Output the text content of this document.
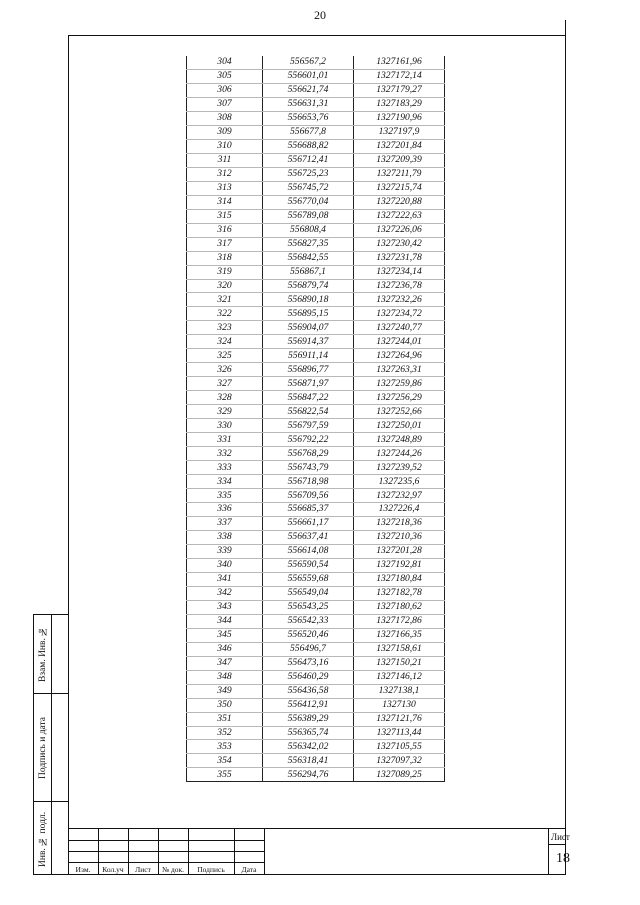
20
304	556567,2	1327161,96
305	556601,01	1327172,14
306	556621,74	1327179,27
307	556631,31	1327183,29
308	556653,76	1327190,96
309	556677,8	1327197,9
310	556688,82	1327201,84
311	556712,41	1327209,39
312	556725,23	1327211,79
313	556745,72	1327215,74
314	556770,04	1327220,88
315	556789,08	1327222,63
316	556808,4	1327226,06
317	556827,35	1327230,42
318	556842,55	1327231,78
319	556867,1	1327234,14
320	556879,74	1327236,78
321	556890,18	1327232,26
322	556895,15	1327234,72
323	556904,07	1327240,77
324	556914,37	1327244,01
325	556911,14	1327264,96
326	556896,77	1327263,31
327	556871,97	1327259,86
328	556847,22	1327256,29
329	556822,54	1327252,66
330	556797,59	1327250,01
331	556792,22	1327248,89
332	556768,29	1327244,26
333	556743,79	1327239,52
334	556718,98	1327235,6
335	556709,56	1327232,97
336	556685,37	1327226,4
337	556661,17	1327218,36
338	556637,41	1327210,36
339	556614,08	1327201,28
340	556590,54	1327192,81
341	556559,68	1327180,84
342	556549,04	1327182,78
343	556543,25	1327180,62
344	556542,33	1327172,86
345	556520,46	1327166,35
346	556496,7	1327158,61
347	556473,16	1327150,21
348	556460,29	1327146,12
349	556436,58	1327138,1
350	556412,91	1327130
351	556389,29	1327121,76
352	556365,74	1327113,44
353	556342,02	1327105,55
354	556318,41	1327097,32
355	556294,76	1327089,25
Взам. Инв. №
Подпись и дата
Инв. № подл.
Изм.	Кол.уч	Лист	№ док.	Подпись	Дата
Лист
18
